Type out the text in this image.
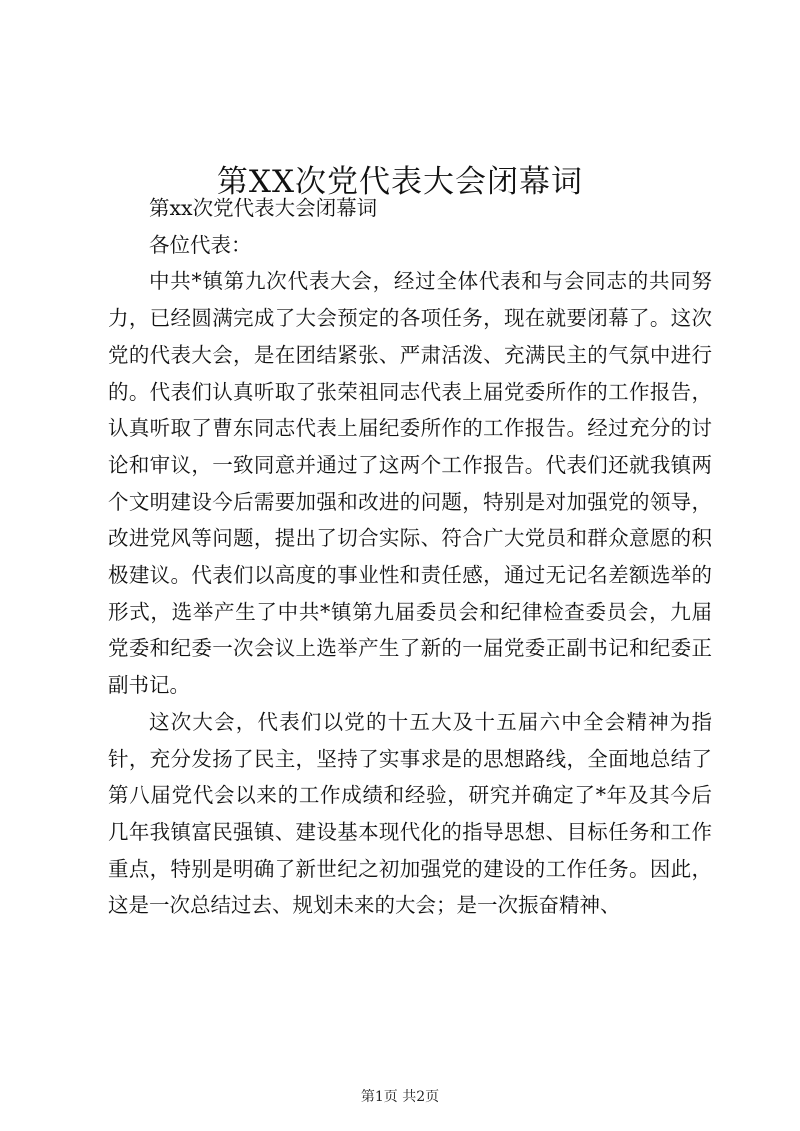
第XX次党代表大会闭幕词

第xx次党代表大会闭幕词

各位代表：

中共*镇第九次代表大会，经过全体代表和与会同志的共同努力，已经圆满完成了大会预定的各项任务，现在就要闭幕了。这次党的代表大会，是在团结紧张、严肃活泼、充满民主的气氛中进行的。代表们认真听取了张荣祖同志代表上届党委所作的工作报告，认真听取了曹东同志代表上届纪委所作的工作报告。经过充分的讨论和审议，一致同意并通过了这两个工作报告。代表们还就我镇两个文明建设今后需要加强和改进的问题，特别是对加强党的领导，改进党风等问题，提出了切合实际、符合广大党员和群众意愿的积极建议。代表们以高度的事业性和责任感，通过无记名差额选举的形式，选举产生了中共*镇第九届委员会和纪律检查委员会，九届党委和纪委一次会议上选举产生了新的一届党委正副书记和纪委正副书记。

这次大会，代表们以党的十五大及十五届六中全会精神为指针，充分发扬了民主，坚持了实事求是的思想路线，全面地总结了第八届党代会以来的工作成绩和经验，研究并确定了*年及其今后几年我镇富民强镇、建设基本现代化的指导思想、目标任务和工作重点，特别是明确了新世纪之初加强党的建设的工作任务。因此，这是一次总结过去、规划未来的大会；是一次振奋精神、

第1页 共2页
